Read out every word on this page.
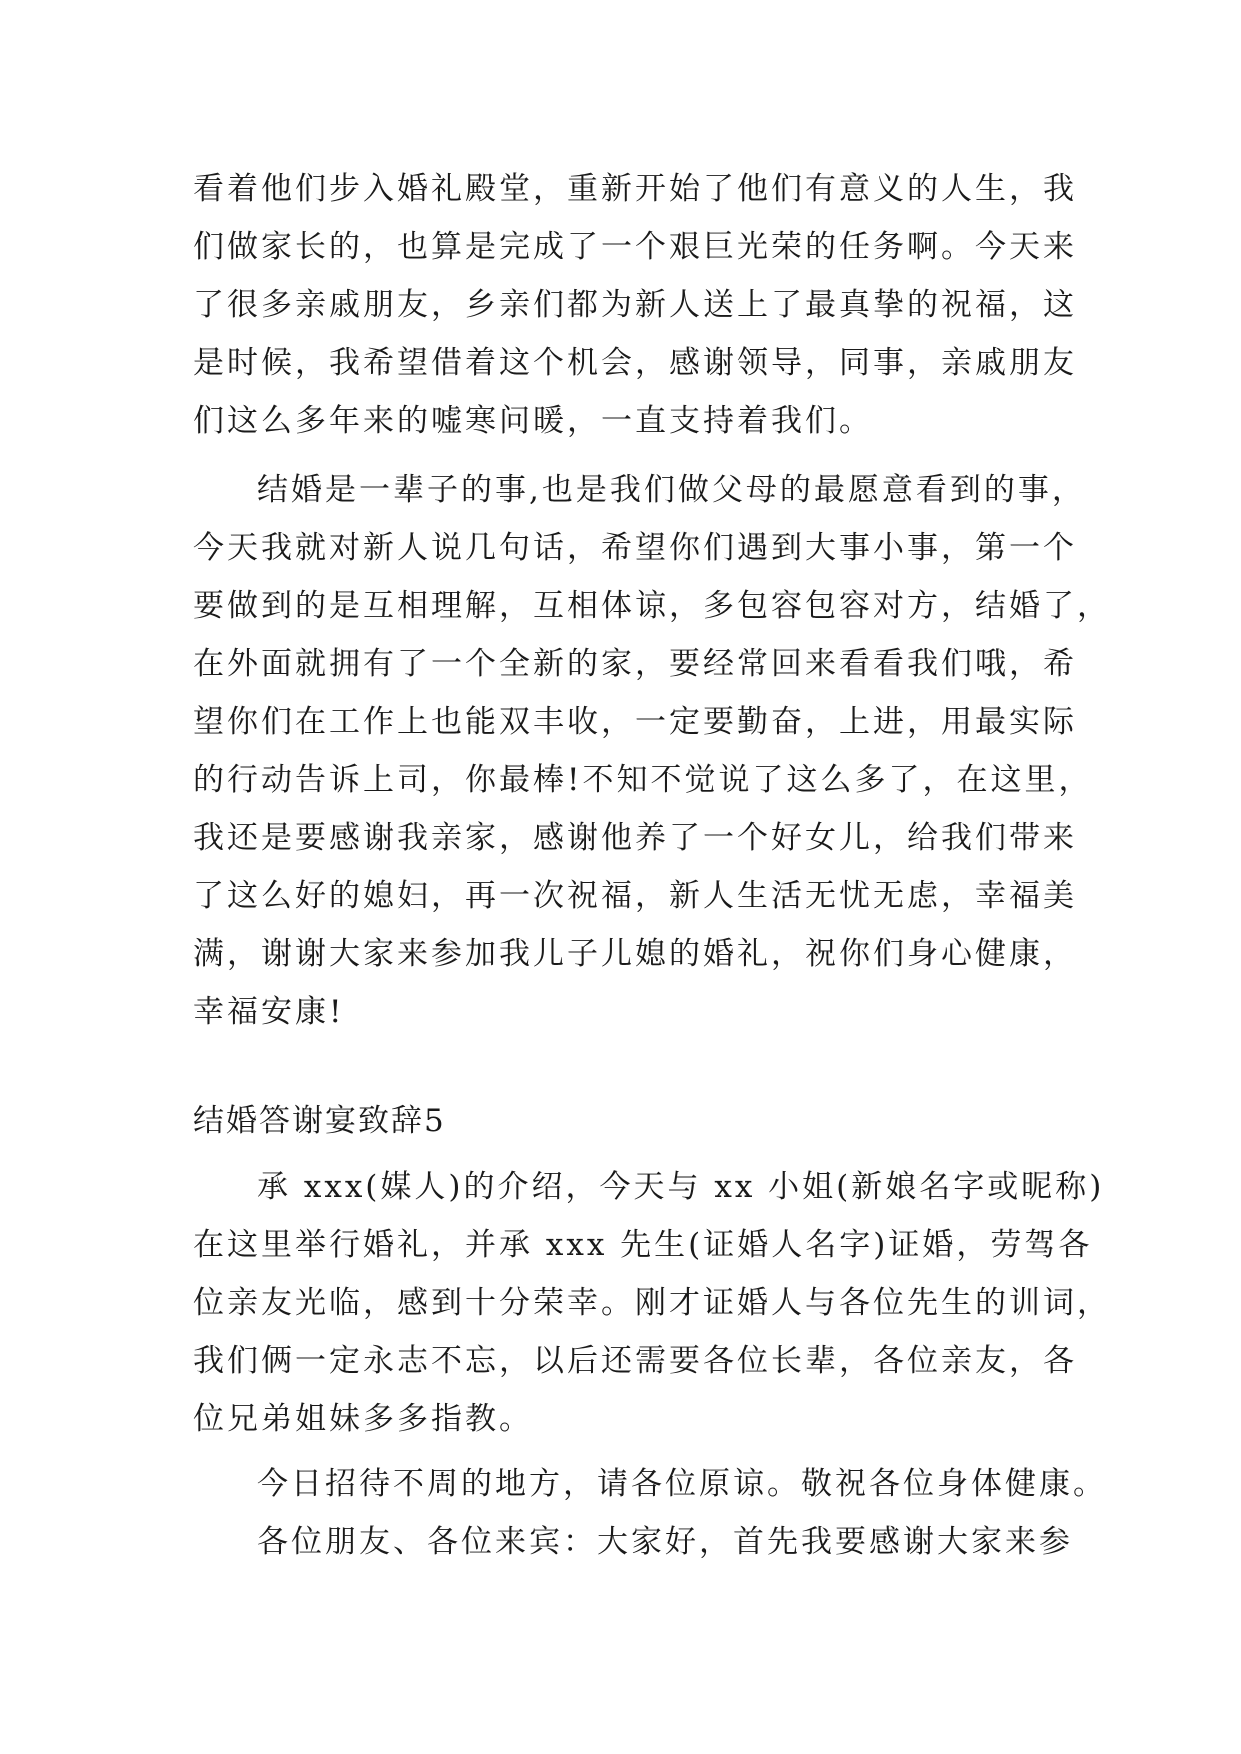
看着他们步入婚礼殿堂，重新开始了他们有意义的人生，我
们做家长的，也算是完成了一个艰巨光荣的任务啊。今天来
了很多亲戚朋友，乡亲们都为新人送上了最真挚的祝福，这
是时候，我希望借着这个机会，感谢领导，同事，亲戚朋友
们这么多年来的嘘寒问暖，一直支持着我们。
结婚是一辈子的事,也是我们做父母的最愿意看到的事，
今天我就对新人说几句话，希望你们遇到大事小事，第一个
要做到的是互相理解，互相体谅，多包容包容对方，结婚了，
在外面就拥有了一个全新的家，要经常回来看看我们哦，希
望你们在工作上也能双丰收，一定要勤奋，上进，用最实际
的行动告诉上司，你最棒!不知不觉说了这么多了，在这里，
我还是要感谢我亲家，感谢他养了一个好女儿，给我们带来
了这么好的媳妇，再一次祝福，新人生活无忧无虑，幸福美
满，谢谢大家来参加我儿子儿媳的婚礼，祝你们身心健康，
幸福安康!
结婚答谢宴致辞5
承 xxx(媒人)的介绍，今天与 xx 小姐(新娘名字或昵称)
在这里举行婚礼，并承 xxx 先生(证婚人名字)证婚，劳驾各
位亲友光临，感到十分荣幸。刚才证婚人与各位先生的训词，
我们俩一定永志不忘，以后还需要各位长辈，各位亲友，各
位兄弟姐妹多多指教。
今日招待不周的地方，请各位原谅。敬祝各位身体健康。
各位朋友、各位来宾：大家好，首先我要感谢大家来参
